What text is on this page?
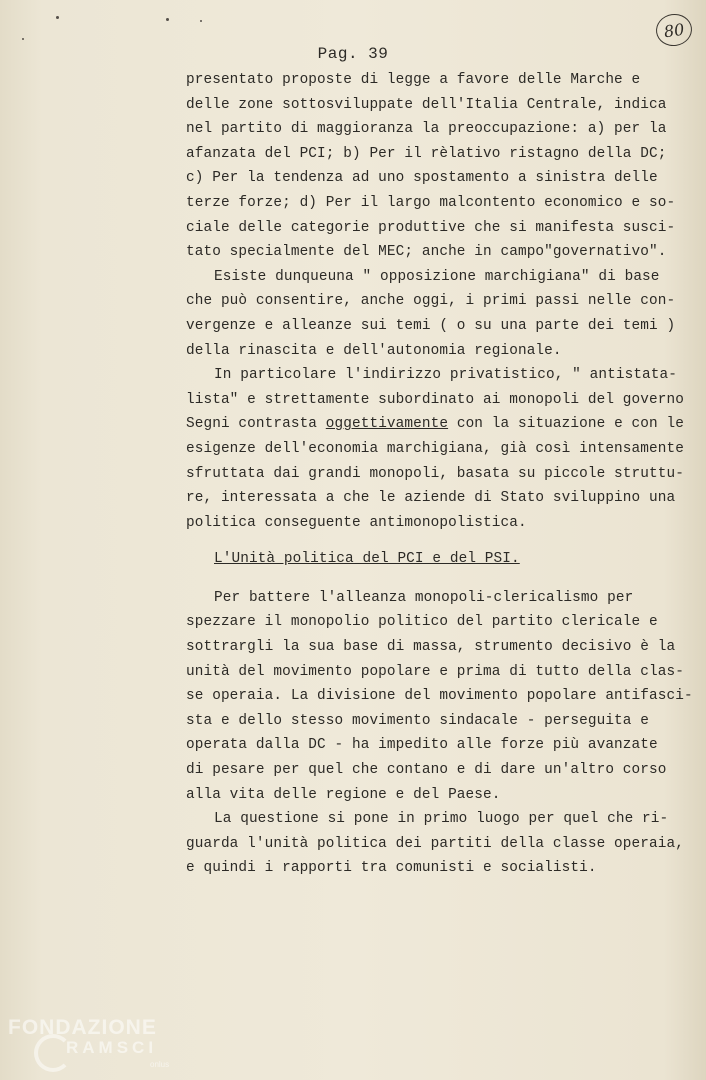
80
Pag. 39
presentato proposte di legge a favore delle Marche e
delle zone sottosviluppate dell'Italia Centrale, indica
nel partito di maggioranza la preoccupazione: a) per la
afanzata del PCI; b) Per il rèlativo ristagno della DC;
c) Per la tendenza ad uno spostamento a sinistra delle
terze forze; d) Per il largo malcontento economico e so-
ciale delle categorie produttive che si manifesta susci-
tato specialmente del MEC; anche in campo"governativo".
Esiste dunqueuna " opposizione marchigiana" di base
che può consentire, anche oggi, i primi passi nelle con-
vergenze e alleanze sui temi ( o su una parte dei temi )
della rinascita e dell'autonomia regionale.
In particolare l'indirizzo privatistico, " antistata-
lista" e strettamente subordinato ai monopoli del governo
Segni contrasta oggettivamente con la situazione e con le
esigenze dell'economia marchigiana, già così intensamente
sfruttata dai grandi monopoli, basata su piccole struttu-
re, interessata a che le aziende di Stato sviluppino una
politica conseguente antimonopolistica.
L'Unità politica del PCI e del PSI.
Per battere l'alleanza monopoli-clericalismo per
spezzare il monopolio politico del partito clericale e
sottrargli la sua base di massa, strumento decisivo è la
unità del movimento popolare e prima di tutto della clas-
se operaia. La divisione del movimento popolare antifasci-
sta e dello stesso movimento sindacale - perseguita e
operata dalla DC - ha impedito alle forze più avanzate
di pesare per quel che contano e di dare un'altro corso
alla vita delle regione e del Paese.
La questione si pone in primo luogo per quel che ri-
guarda l'unità politica dei partiti della classe operaia,
e quindi i rapporti tra comunisti e socialisti.
FONDAZIONE
RAMSCI
onlus
